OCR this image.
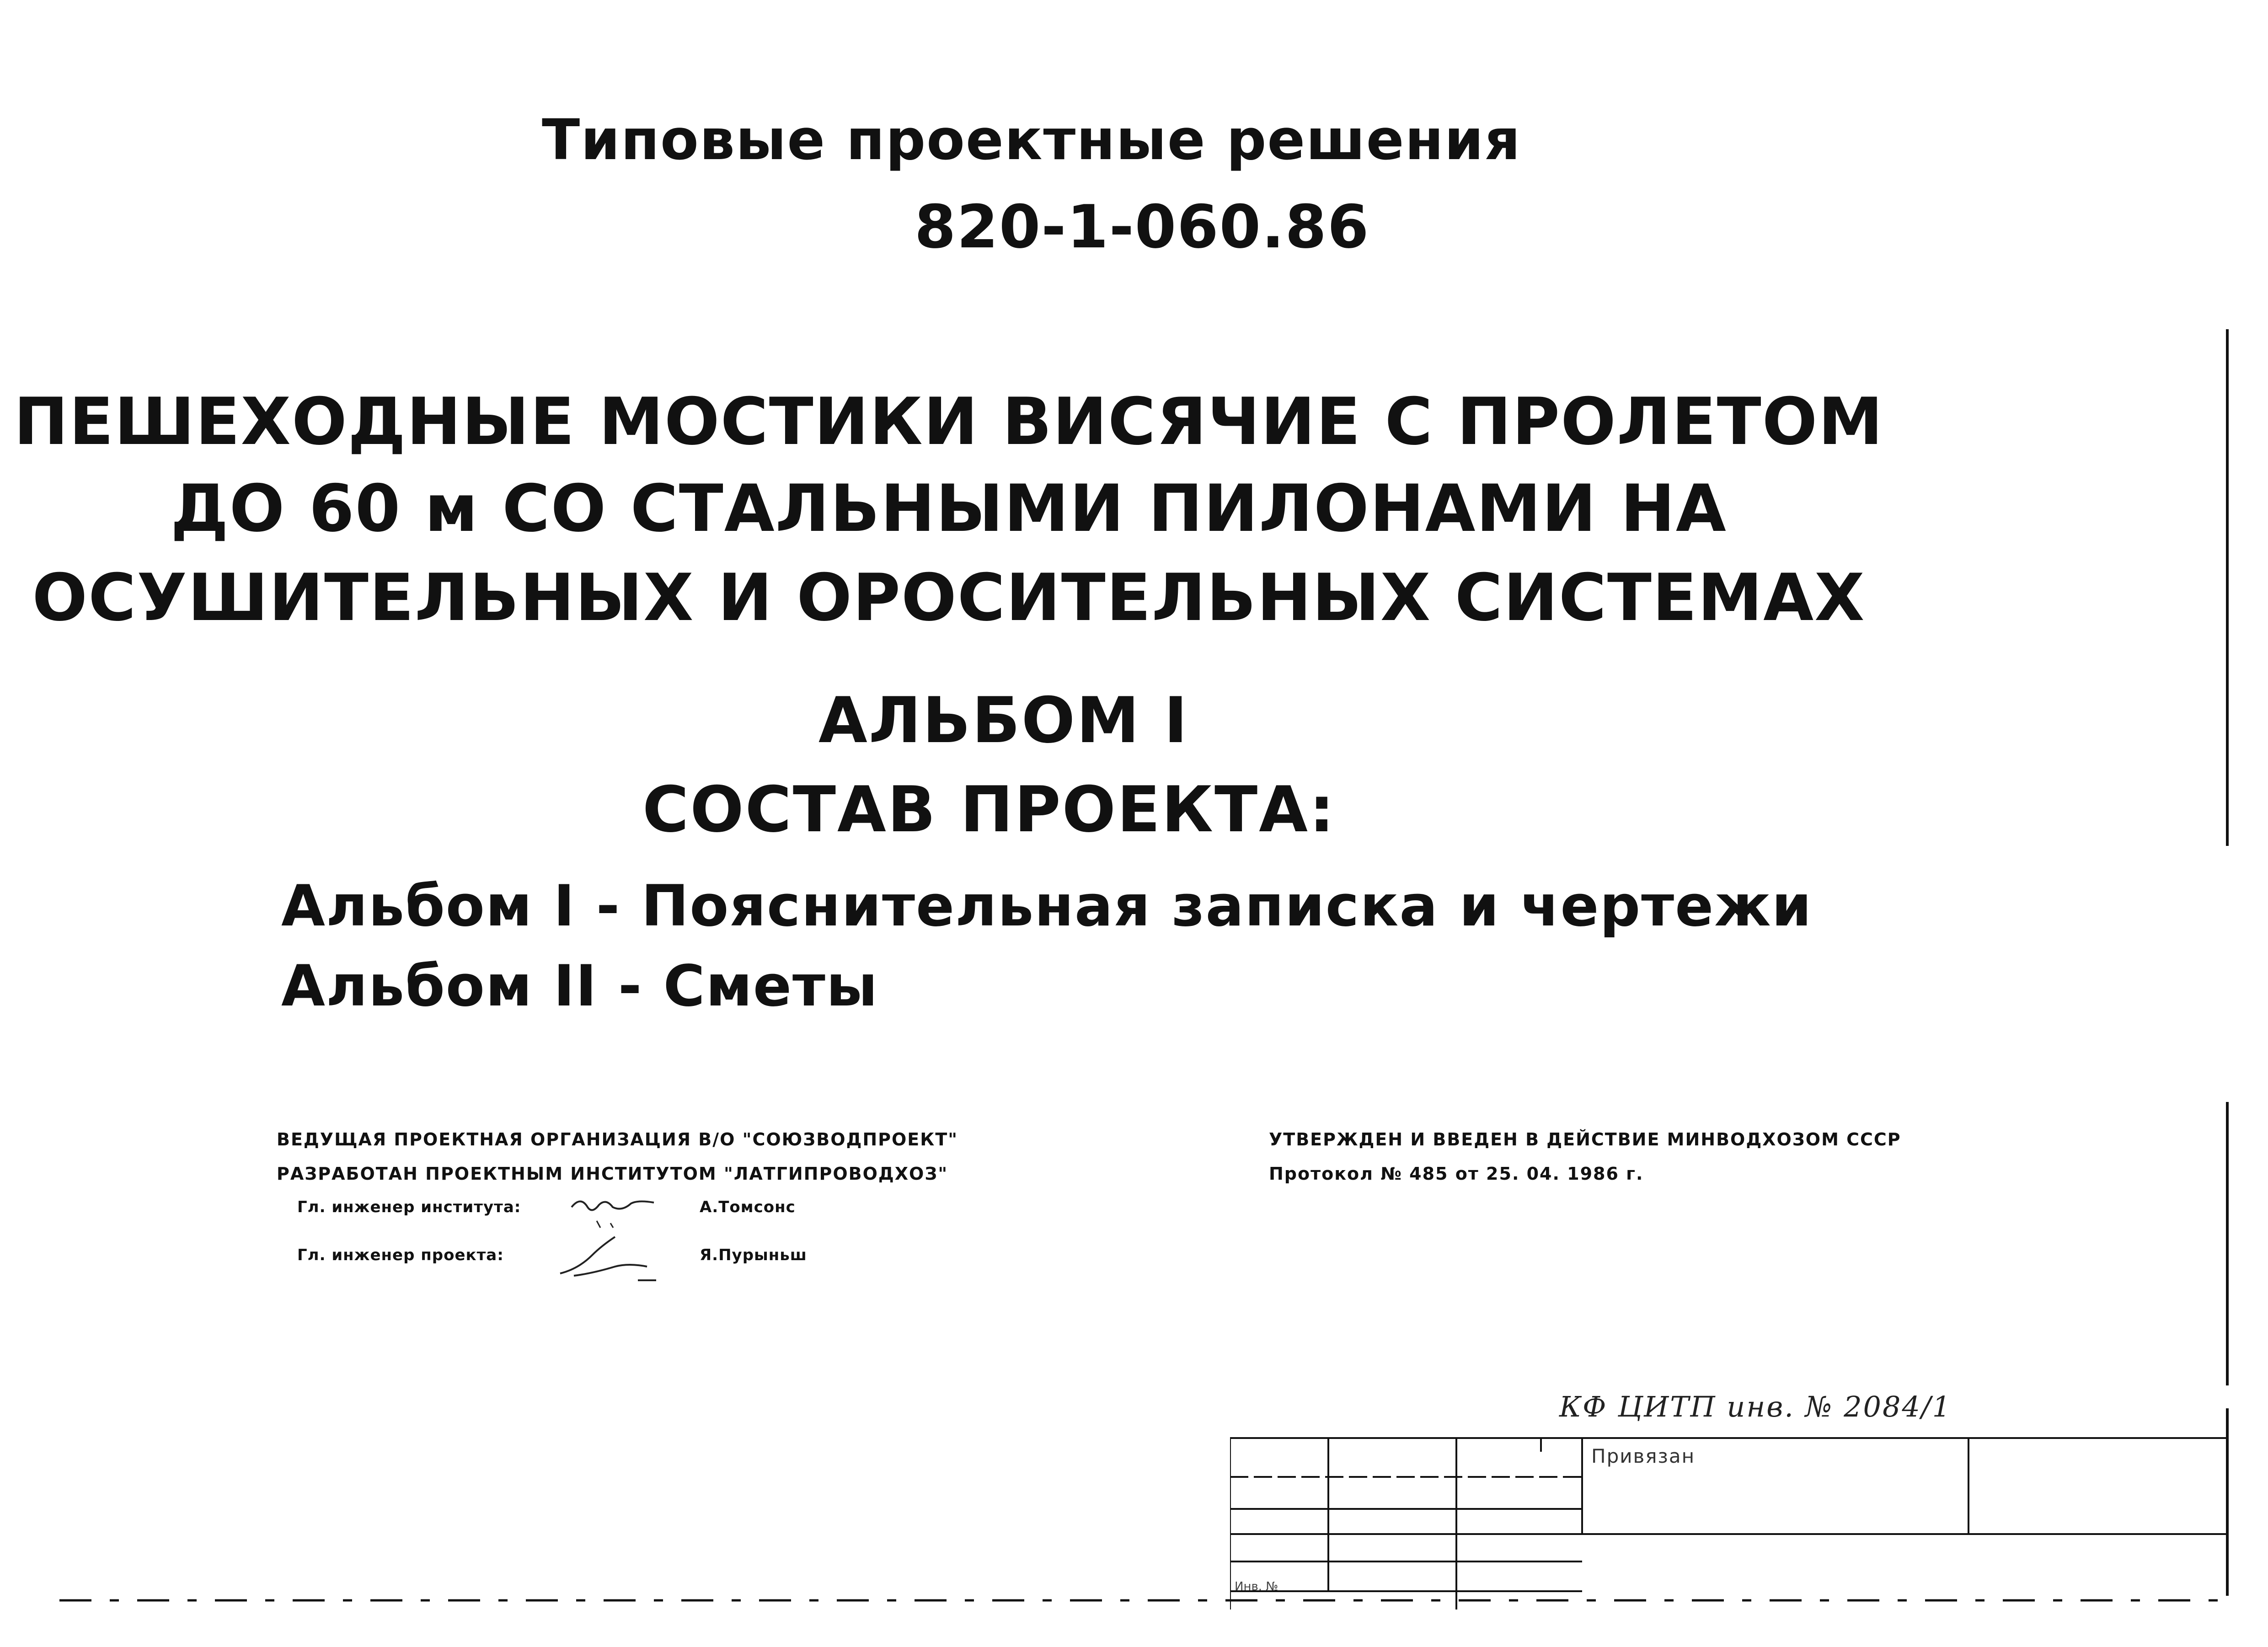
Типовые проектные решения
820-1-060.86
ПЕШЕХОДНЫЕ МОСТИКИ ВИСЯЧИЕ С ПРОЛЕТОМ
ДО 60 м СО СТАЛЬНЫМИ ПИЛОНАМИ НА
ОСУШИТЕЛЬНЫХ И ОРОСИТЕЛЬНЫХ СИСТЕМАХ
АЛЬБОМ I
СОСТАВ ПРОЕКТА:
Альбом I - Пояснительная записка и чертежи
Альбом II - Сметы
ВЕДУЩАЯ ПРОЕКТНАЯ ОРГАНИЗАЦИЯ В/О "СОЮЗВОДПРОЕКТ"
РАЗРАБОТАН ПРОЕКТНЫМ ИНСТИТУТОМ "ЛАТГИПРОВОДХОЗ"
Гл. инженер института:	А.Томсонс
Гл. инженер проекта:	Я.Пурыньш
УТВЕРЖДЕН И ВВЕДЕН В ДЕЙСТВИЕ МИНВОДХОЗОМ СССР
Протокол № 485 от 25. 04. 1986 г.
КФ ЦИТП инв. № 2084/1
Привязан
Инв. №
